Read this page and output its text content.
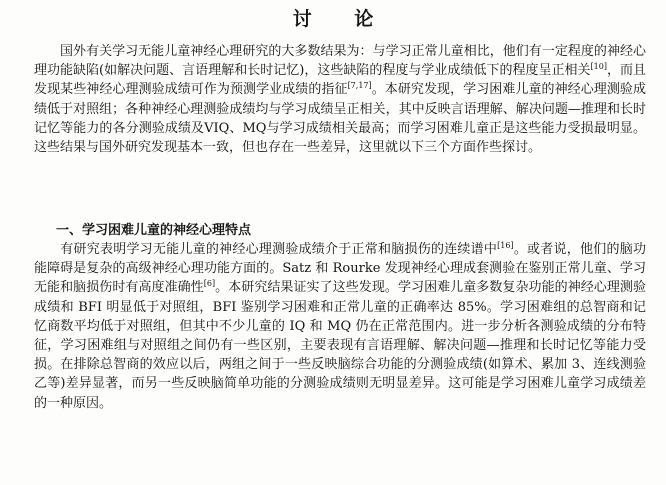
讨 论

国外有关学习无能儿童神经心理研究的大多数结果为：与学习正常儿童相比，他们有一定程度的神经心理功能缺陷(如解决问题、言语理解和长时记忆)，这些缺陷的程度与学业成绩低下的程度呈正相关[10]，而且发现某些神经心理测验成绩可作为预测学业成绩的指征[7,17]。本研究发现，学习困难儿童的神经心理测验成绩低于对照组；各种神经心理测验成绩均与学习成绩呈正相关，其中反映言语理解、解决问题—推理和长时记忆等能力的各分测验成绩及VIQ、MQ与学习成绩相关最高；而学习困难儿童正是这些能力受损最明显。这些结果与国外研究发现基本一致，但也存在一些差异，这里就以下三个方面作些探讨。

一、学习困难儿童的神经心理特点

有研究表明学习无能儿童的神经心理测验成绩介于正常和脑损伤的连续谱中[16]。或者说，他们的脑功能障碍是复杂的高级神经心理功能方面的。Satz 和 Rourke 发现神经心理成套测验在鉴别正常儿童、学习无能和脑损伤时有高度准确性[6]。本研究结果证实了这些发现。学习困难儿童多数复杂功能的神经心理测验成绩和 BFI 明显低于对照组，BFI 鉴别学习困难和正常儿童的正确率达 85%。学习困难组的总智商和记忆商数平均低于对照组，但其中不少儿童的 IQ 和 MQ 仍在正常范围内。进一步分析各测验成绩的分布特征，学习困难组与对照组之间仍有一些区别，主要表现有言语理解、解决问题—推理和长时记忆等能力受损。在排除总智商的效应以后，两组之间于一些反映脑综合功能的分测验成绩(如算术、累加 3、连线测验乙等)差异显著，而另一些反映脑简单功能的分测验成绩则无明显差异。这可能是学习困难儿童学习成绩差的一种原因。
